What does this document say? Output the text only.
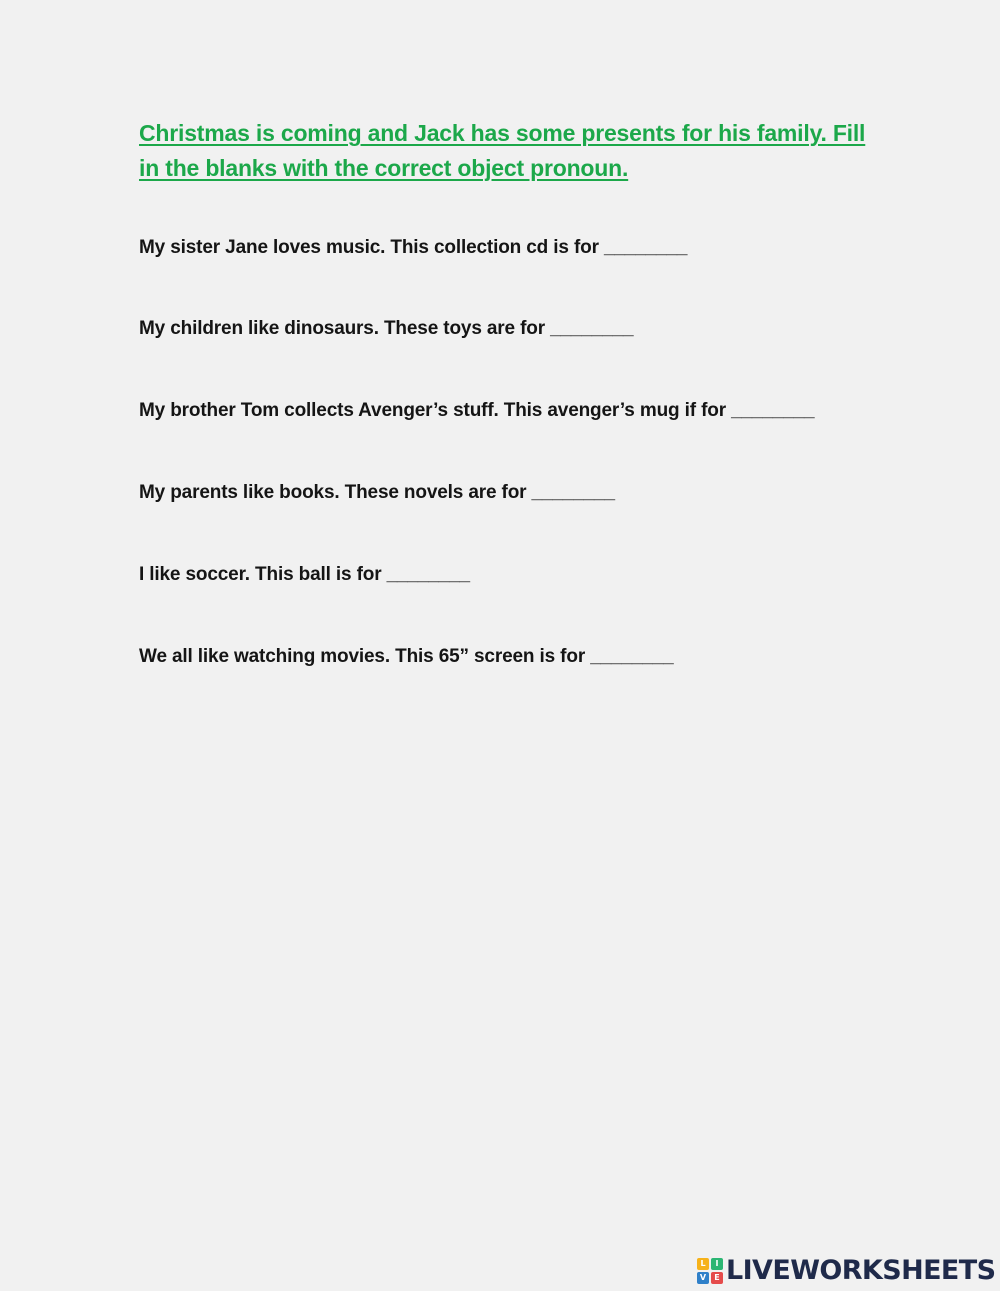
Christmas is coming and Jack has some presents for his family. Fill in the blanks with the correct object pronoun.

My sister Jane loves music. This collection cd is for ________
My children like dinosaurs. These toys are for ________
My brother Tom collects Avenger’s stuff. This avenger’s mug if for ________
My parents like books. These novels are for ________
I like soccer. This ball is for ________
We all like watching movies. This 65” screen is for ________
L	I
V	E LIVEWORKSHEETS
